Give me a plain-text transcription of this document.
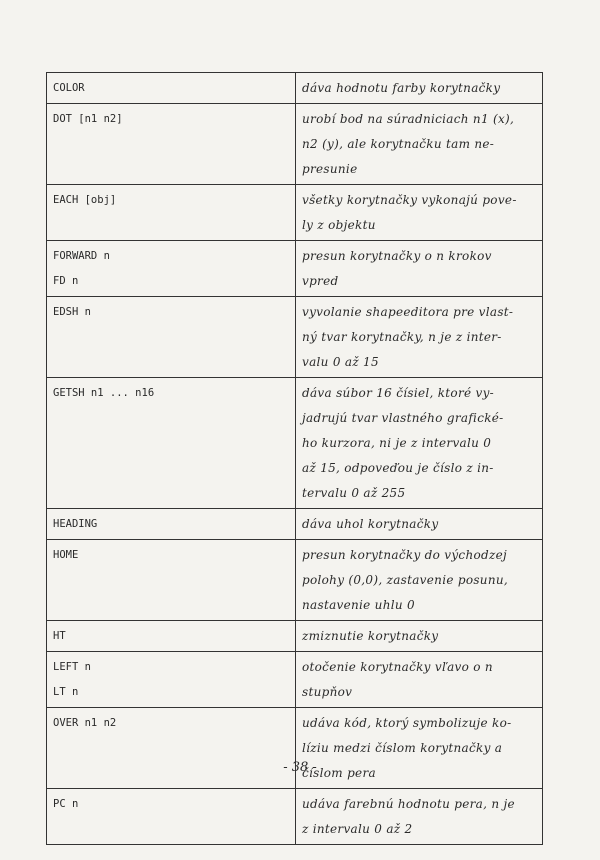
COLOR	dáva hodnotu farby korytnačky

DOT [n1 n2]	urobí bod na súradniciach n1 (x),
n2 (y), ale korytnačku tam ne-
presunie

EACH [obj]	všetky korytnačky vykonajú pove-
ly z objektu

FORWARD n
FD n	presun korytnačky o n krokov
vpred

EDSH n	vyvolanie shapeeditora pre vlast-
ný tvar korytnačky, n je z inter-
valu 0 až 15

GETSH n1 ... n16	dáva súbor 16 čísiel, ktoré vy-
jadrujú tvar vlastného grafické-
ho kurzora, ni je z intervalu 0
až 15, odpoveďou je číslo z in-
tervalu 0 až 255

HEADING	dáva uhol korytnačky

HOME	presun korytnačky do východzej
polohy (0,0), zastavenie posunu,
nastavenie uhlu 0

HT	zmiznutie korytnačky

LEFT n
LT n	otočenie korytnačky vľavo o n
stupňov

OVER n1 n2	udáva kód, ktorý symbolizuje ko-
líziu medzi číslom korytnačky a
číslom pera

PC n	udáva farebnú hodnotu pera, n je
z intervalu 0 až 2
- 38 -
